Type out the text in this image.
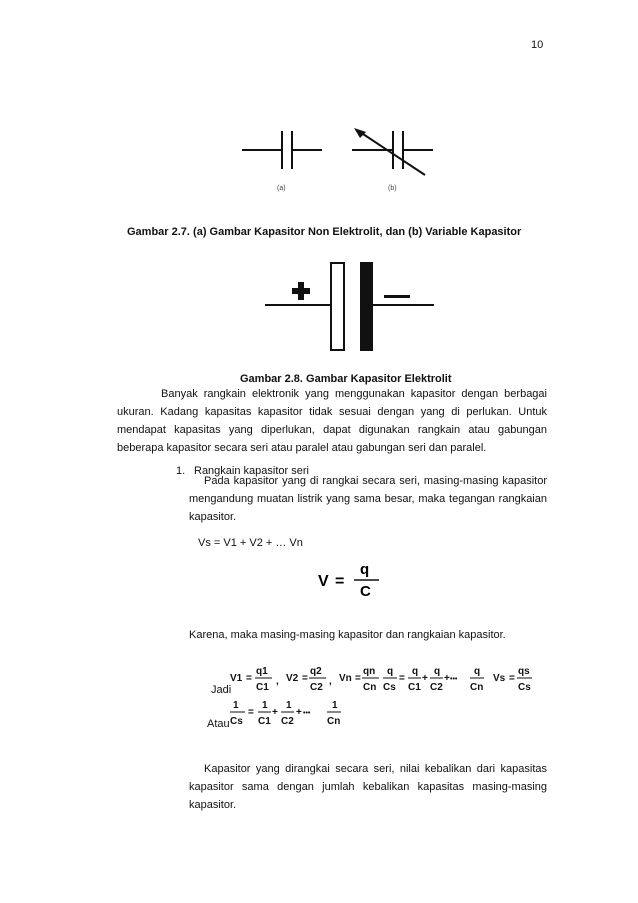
10
(a)	(b)
Gambar 2.7. (a) Gambar Kapasitor Non Elektrolit, dan (b) Variable Kapasitor
Gambar 2.8. Gambar Kapasitor Elektrolit
Banyak rangkain elektronik yang menggunakan kapasitor dengan berbagai ukuran. Kadang kapasitas kapasitor tidak sesuai dengan yang di perlukan. Untuk mendapat kapasitas yang diperlukan, dapat digunakan rangkain atau gabungan beberapa kapasitor secara seri atau paralel atau gabungan seri dan paralel.
1. Rangkain kapasitor seri
Pada kapasitor yang di rangkai secara seri, masing-masing kapasitor mengandung muatan listrik yang sama besar, maka tegangan rangkaian kapasitor.
Vs = V1 + V2 + … Vn
V =
q
C
Karena, maka masing-masing kapasitor dan rangkaian kapasitor.
V1 =
q1
C1
, V2 =
q2
C2
, Vn =
qn
Cn
q
Cs
=
q
C1
+
q
C2
+ •••
q
Cn
Vs =
qs
Cs
Jadi
1
Cs
=
1
C1
+
1
C2
+ •••
1
Cn
Atau
Kapasitor yang dirangkai secara seri, nilai kebalikan dari kapasitas kapasitor sama dengan jumlah kebalikan kapasitas masing-masing kapasitor.
